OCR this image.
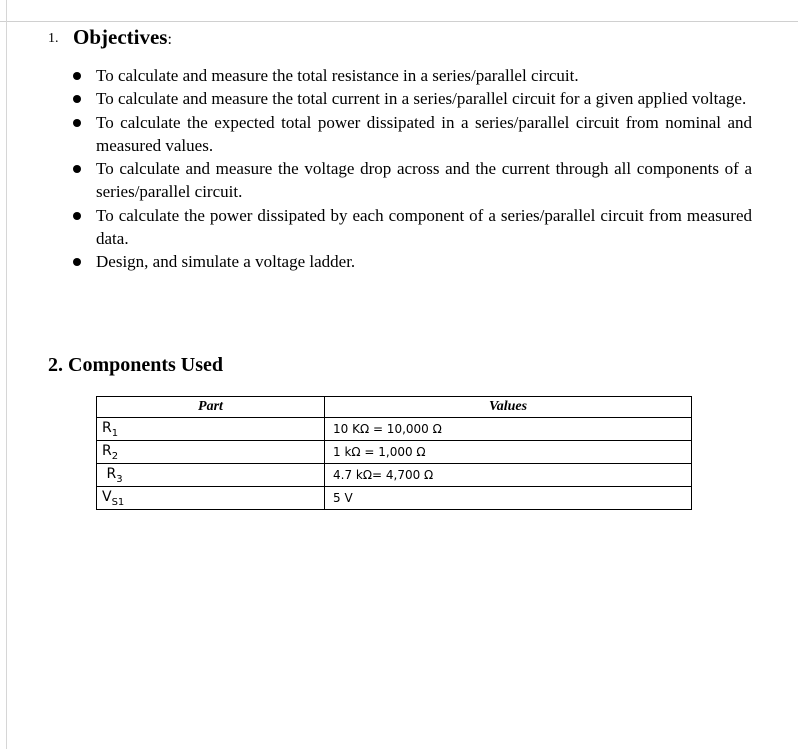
1. Objectives:
To calculate and measure the total resistance in a series/parallel circuit.
To calculate and measure the total current in a series/parallel circuit for a given applied voltage.
To calculate the expected total power dissipated in a series/parallel circuit from nominal and measured values.
To calculate and measure the voltage drop across and the current through all components of a series/parallel circuit.
To calculate the power dissipated by each component of a series/parallel circuit from measured data.
Design, and simulate a voltage ladder.
2. Components Used
Part	Values
$R_1$	10 KΩ = 10,000 Ω
$R_2$	1 kΩ = 1,000 Ω
$R_3$	4.7 kΩ= 4,700 Ω
$V_{S1}$	5 V
